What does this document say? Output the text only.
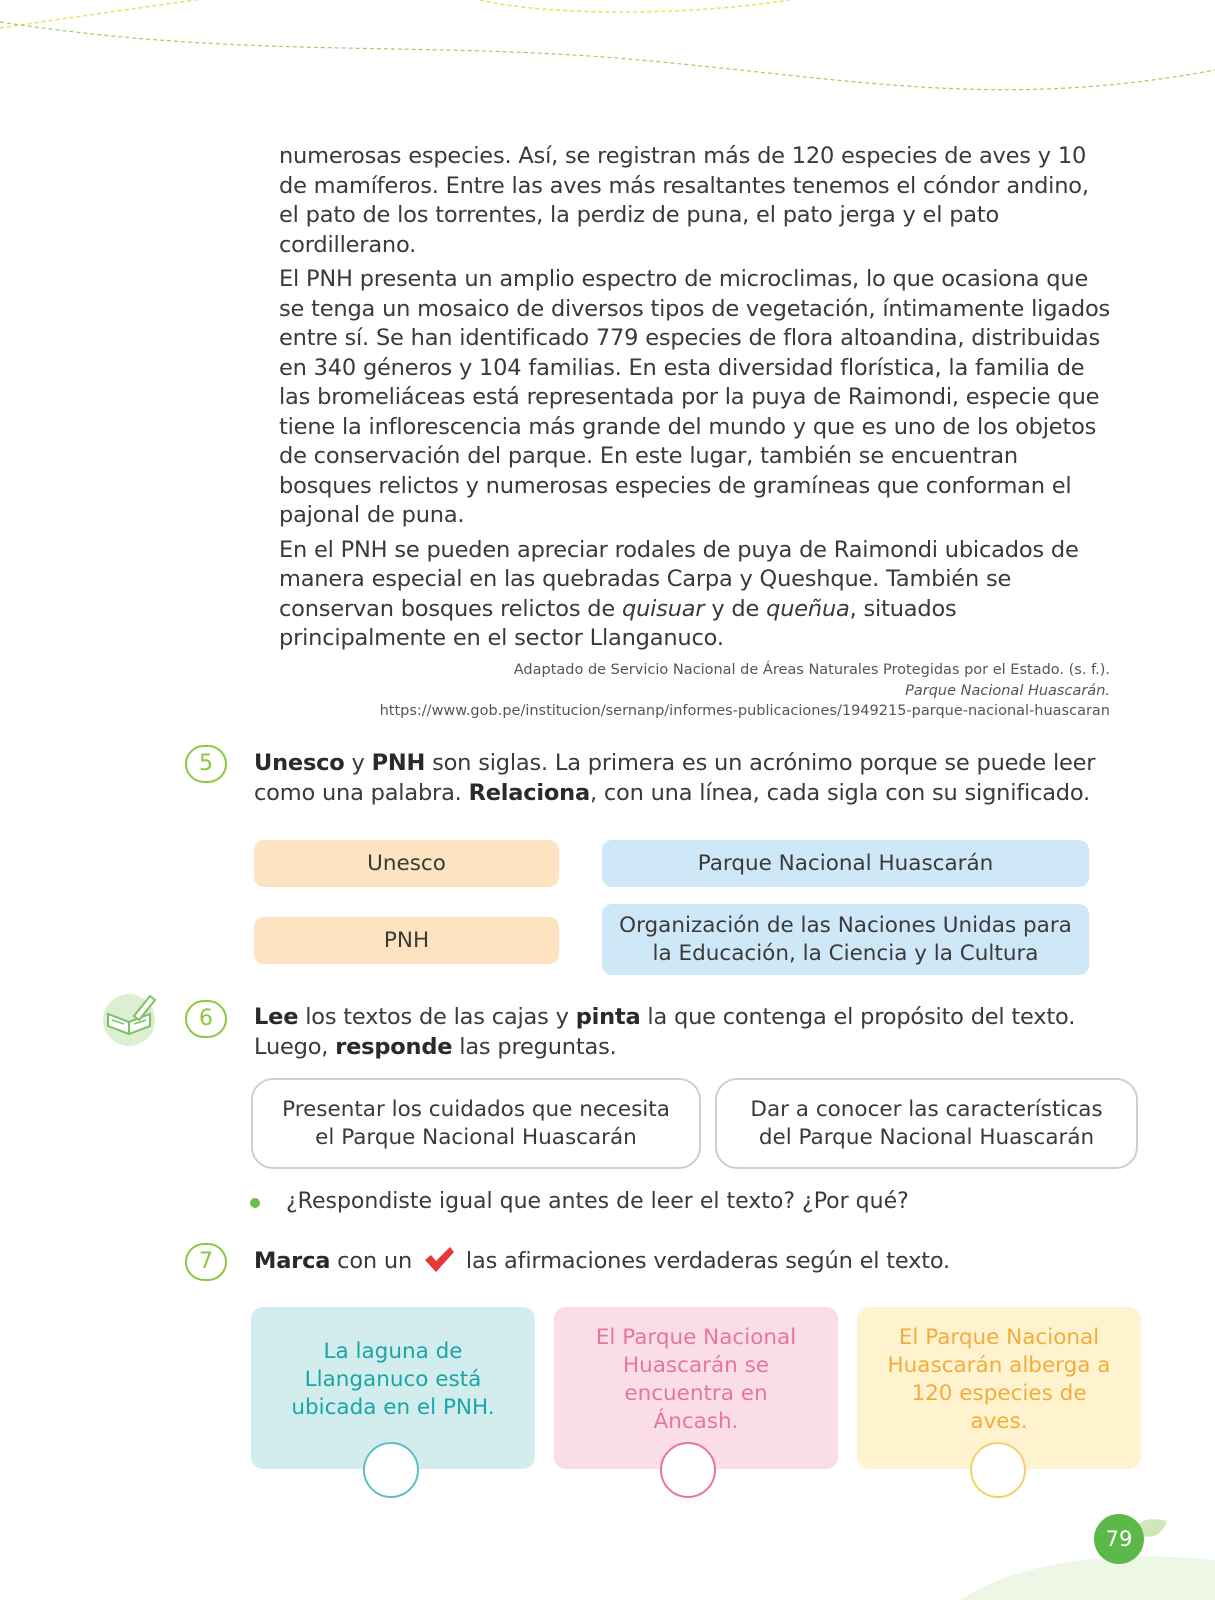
numerosas especies. Así, se registran más de 120 especies de aves y 10 de mamíferos. Entre las aves más resaltantes tenemos el cóndor andino, el pato de los torrentes, la perdiz de puna, el pato jerga y el pato cordillerano.

El PNH presenta un amplio espectro de microclimas, lo que ocasiona que se tenga un mosaico de diversos tipos de vegetación, íntimamente ligados entre sí. Se han identificado 779 especies de flora altoandina, distribuidas en 340 géneros y 104 familias. En esta diversidad florística, la familia de las bromeliáceas está representada por la puya de Raimondi, especie que tiene la inflorescencia más grande del mundo y que es uno de los objetos de conservación del parque. En este lugar, también se encuentran bosques relictos y numerosas especies de gramíneas que conforman el pajonal de puna.

En el PNH se pueden apreciar rodales de puya de Raimondi ubicados de manera especial en las quebradas Carpa y Queshque. También se conservan bosques relictos de quisuar y de queñua, situados principalmente en el sector Llanganuco.

Adaptado de Servicio Nacional de Áreas Naturales Protegidas por el Estado. (s. f.).
Parque Nacional Huascarán.
https://www.gob.pe/institucion/sernanp/informes-publicaciones/1949215-parque-nacional-huascaran
5	Unesco y PNH son siglas. La primera es un acrónimo porque se puede leer como una palabra. Relaciona, con una línea, cada sigla con su significado.
Unesco
PNH
Parque Nacional Huascarán
Organización de las Naciones Unidas para la Educación, la Ciencia y la Cultura
6	Lee los textos de las cajas y pinta la que contenga el propósito del texto. Luego, responde las preguntas.
Presentar los cuidados que necesita el Parque Nacional Huascarán
Dar a conocer las características del Parque Nacional Huascarán
¿Respondiste igual que antes de leer el texto? ¿Por qué?
7	Marca con un  las afirmaciones verdaderas según el texto.
La laguna de Llanganuco está ubicada en el PNH.
El Parque Nacional Huascarán se encuentra en Áncash.
El Parque Nacional Huascarán alberga a 120 especies de aves.
79
